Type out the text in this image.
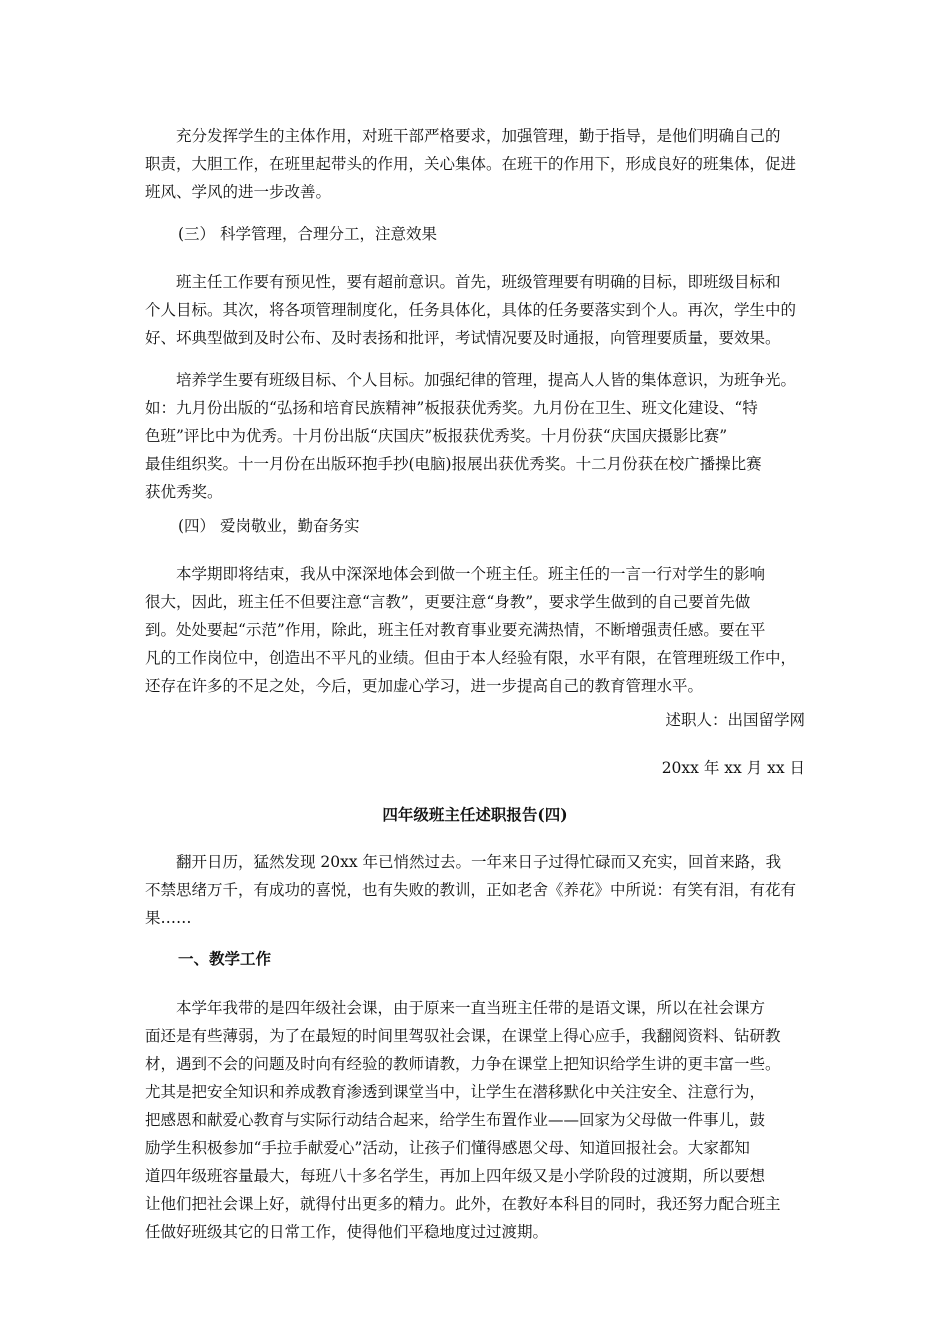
充分发挥学生的主体作用，对班干部严格要求，加强管理，勤于指导，是他们明确自己的
职责，大胆工作，在班里起带头的作用，关心集体。在班干的作用下，形成良好的班集体，促进
班风、学风的进一步改善。
(三） 科学管理，合理分工，注意效果
班主任工作要有预见性，要有超前意识。首先，班级管理要有明确的目标，即班级目标和
个人目标。其次，将各项管理制度化，任务具体化，具体的任务要落实到个人。再次，学生中的
好、坏典型做到及时公布、及时表扬和批评，考试情况要及时通报，向管理要质量，要效果。
培养学生要有班级目标、个人目标。加强纪律的管理，提高人人皆的集体意识，为班争光。
如：九月份出版的“弘扬和培育民族精神”板报获优秀奖。九月份在卫生、班文化建设、“特
色班”评比中为优秀。十月份出版“庆国庆”板报获优秀奖。十月份获“庆国庆摄影比赛”
最佳组织奖。十一月份在出版环抱手抄(电脑)报展出获优秀奖。十二月份获在校广播操比赛
获优秀奖。
(四） 爱岗敬业，勤奋务实
本学期即将结束，我从中深深地体会到做一个班主任。班主任的一言一行对学生的影响
很大，因此，班主任不但要注意“言教”，更要注意“身教”，要求学生做到的自己要首先做
到。处处要起“示范”作用，除此，班主任对教育事业要充满热情，不断增强责任感。要在平
凡的工作岗位中，创造出不平凡的业绩。但由于本人经验有限，水平有限，在管理班级工作中，
还存在许多的不足之处，今后，更加虚心学习，进一步提高自己的教育管理水平。
述职人：出国留学网
20xx 年 xx 月 xx 日
四年级班主任述职报告(四)
翻开日历，猛然发现 20xx 年已悄然过去。一年来日子过得忙碌而又充实，回首来路，我
不禁思绪万千，有成功的喜悦，也有失败的教训，正如老舍《养花》中所说：有笑有泪，有花有
果……
一、教学工作
本学年我带的是四年级社会课，由于原来一直当班主任带的是语文课，所以在社会课方
面还是有些薄弱，为了在最短的时间里驾驭社会课，在课堂上得心应手，我翻阅资料、钻研教
材，遇到不会的问题及时向有经验的教师请教，力争在课堂上把知识给学生讲的更丰富一些。
尤其是把安全知识和养成教育渗透到课堂当中，让学生在潜移默化中关注安全、注意行为，
把感恩和献爱心教育与实际行动结合起来，给学生布置作业——回家为父母做一件事儿，鼓
励学生积极参加“手拉手献爱心”活动，让孩子们懂得感恩父母、知道回报社会。大家都知
道四年级班容量最大，每班八十多名学生，再加上四年级又是小学阶段的过渡期，所以要想
让他们把社会课上好，就得付出更多的精力。此外，在教好本科目的同时，我还努力配合班主
任做好班级其它的日常工作，使得他们平稳地度过过渡期。
